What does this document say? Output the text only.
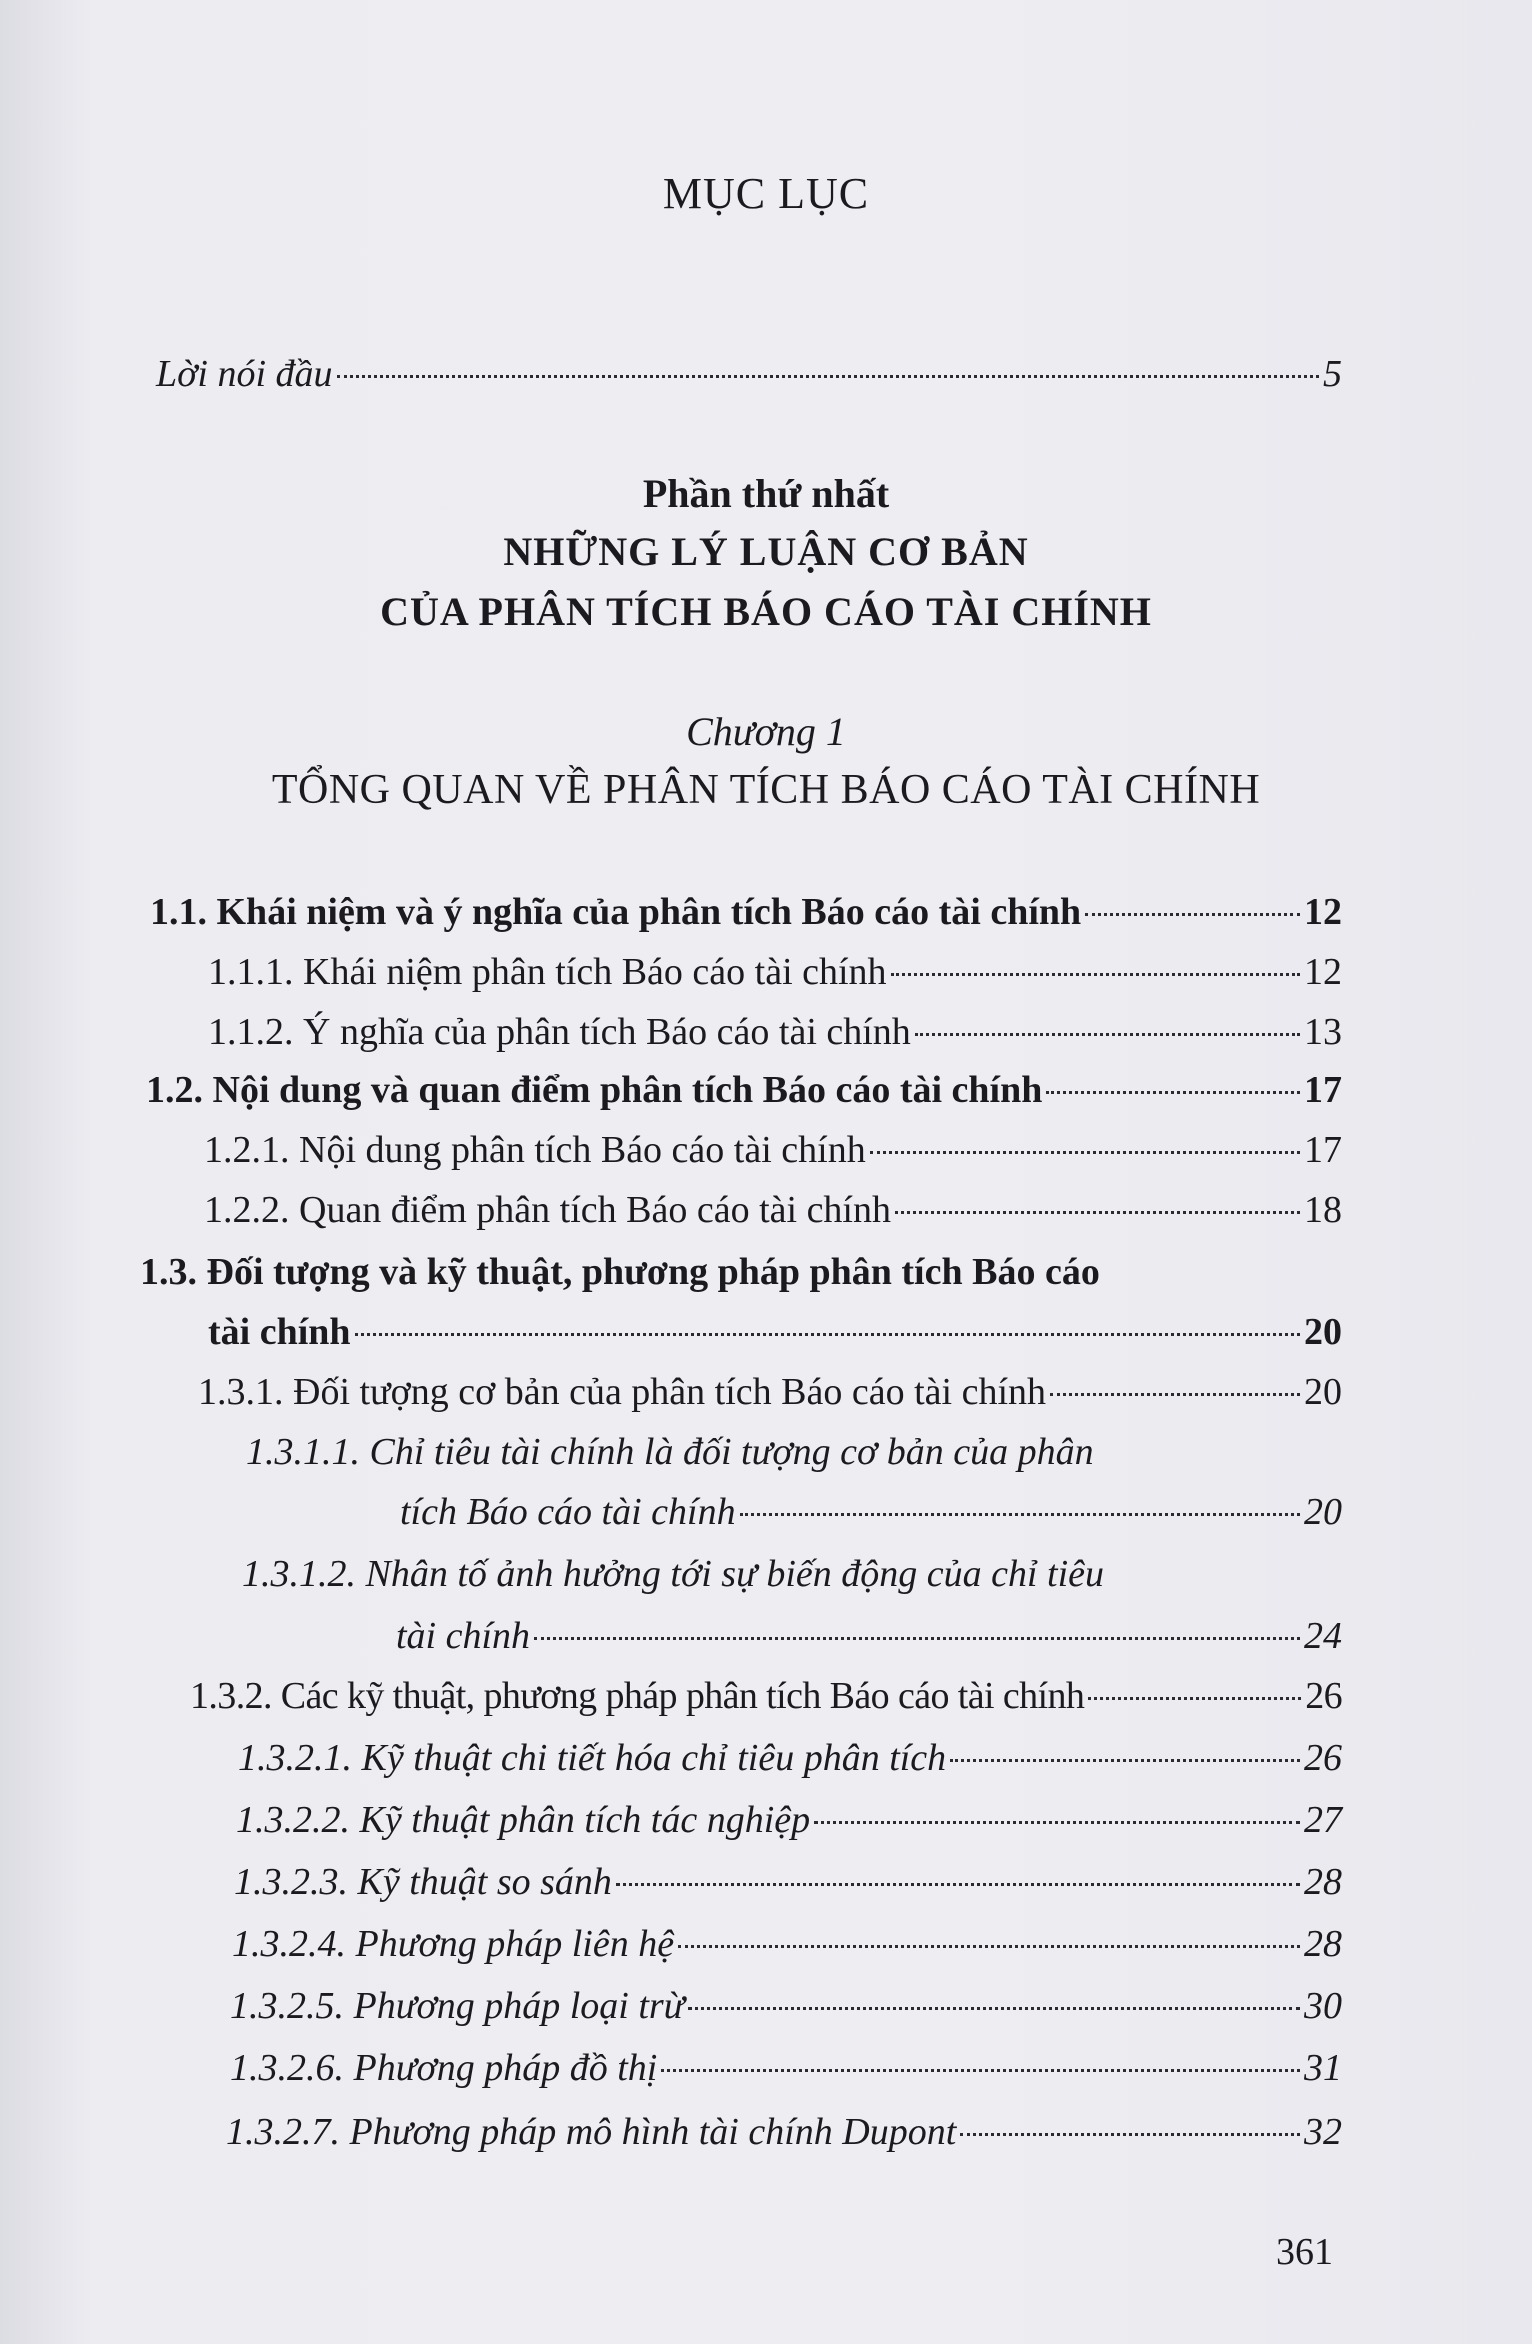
MỤC LỤC
Lời nói đầu	5
Phần thứ nhất
NHỮNG LÝ LUẬN CƠ BẢN
CỦA PHÂN TÍCH BÁO CÁO TÀI CHÍNH
Chương 1
TỔNG QUAN VỀ PHÂN TÍCH BÁO CÁO TÀI CHÍNH
1.1. Khái niệm và ý nghĩa của phân tích Báo cáo tài chính	12
1.1.1. Khái niệm phân tích Báo cáo tài chính	12
1.1.2. Ý nghĩa của phân tích Báo cáo tài chính	13
1.2. Nội dung và quan điểm phân tích Báo cáo tài chính	17
1.2.1. Nội dung phân tích Báo cáo tài chính	17
1.2.2. Quan điểm phân tích Báo cáo tài chính	18
1.3. Đối tượng và kỹ thuật, phương pháp phân tích Báo cáo
tài chính	20
1.3.1. Đối tượng cơ bản của phân tích Báo cáo tài chính	20
1.3.1.1. Chỉ tiêu tài chính là đối tượng cơ bản của phân
tích Báo cáo tài chính	20
1.3.1.2. Nhân tố ảnh hưởng tới sự biến động của chỉ tiêu
tài chính	24
1.3.2. Các kỹ thuật, phương pháp phân tích Báo cáo tài chính	26
1.3.2.1. Kỹ thuật chi tiết hóa chỉ tiêu phân tích	26
1.3.2.2. Kỹ thuật phân tích tác nghiệp	27
1.3.2.3. Kỹ thuật so sánh	28
1.3.2.4. Phương pháp liên hệ	28
1.3.2.5. Phương pháp loại trừ	30
1.3.2.6. Phương pháp đồ thị	31
1.3.2.7. Phương pháp mô hình tài chính Dupont	32
361
